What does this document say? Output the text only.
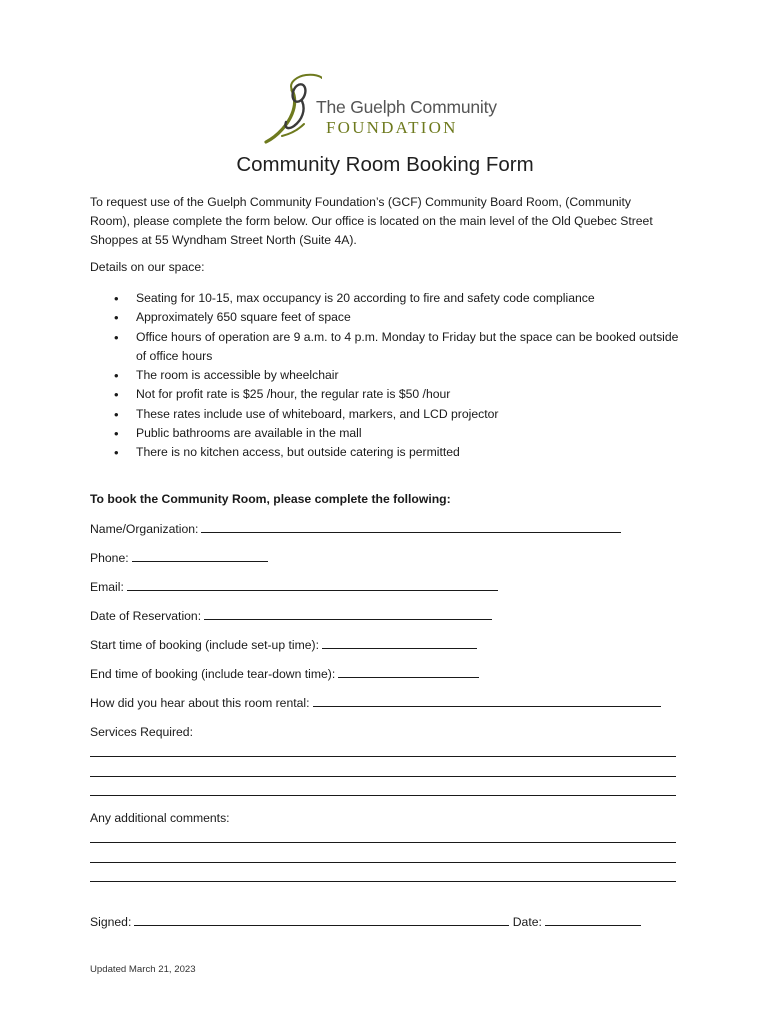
The Guelph Community
FOUNDATION
Community Room Booking Form
To request use of the Guelph Community Foundation’s (GCF) Community Board Room, (Community Room), please complete the form below. Our office is located on the main level of the Old Quebec Street Shoppes at 55 Wyndham Street North (Suite 4A).
Details on our space:
• Seating for 10-15, max occupancy is 20 according to fire and safety code compliance
• Approximately 650 square feet of space
• Office hours of operation are 9 a.m. to 4 p.m. Monday to Friday but the space can be booked outside of office hours
• The room is accessible by wheelchair
• Not for profit rate is $25 /hour, the regular rate is $50 /hour
• These rates include use of whiteboard, markers, and LCD projector
• Public bathrooms are available in the mall
• There is no kitchen access, but outside catering is permitted
To book the Community Room, please complete the following:
Name/Organization:
Phone:
Email:
Date of Reservation:
Start time of booking (include set-up time):
End time of booking (include tear-down time):
How did you hear about this room rental:
Services Required:
Any additional comments:
Signed:	Date:
Updated March 21, 2023
